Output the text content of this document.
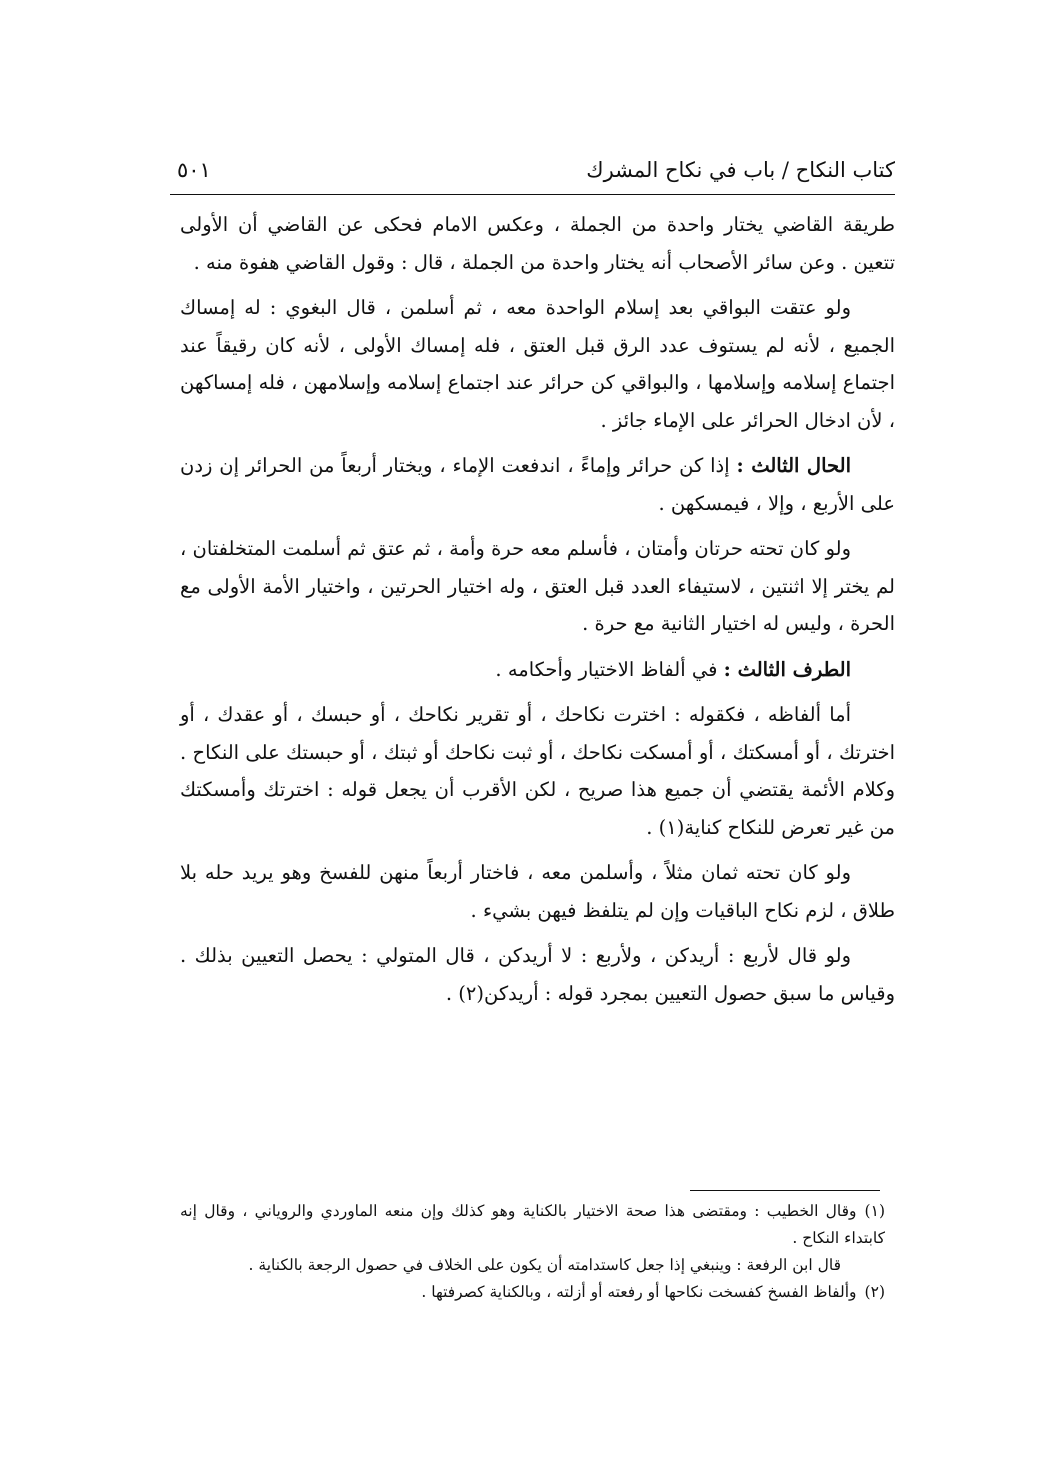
كتاب النكاح / باب في نكاح المشرك
٥٠١

طريقة القاضي يختار واحدة من الجملة ، وعكس الامام فحكى عن القاضي أن الأولى تتعين . وعن سائر الأصحاب أنه يختار واحدة من الجملة ، قال : وقول القاضي هفوة منه .

ولو عتقت البواقي بعد إسلام الواحدة معه ، ثم أسلمن ، قال البغوي : له إمساك الجميع ، لأنه لم يستوف عدد الرق قبل العتق ، فله إمساك الأولى ، لأنه كان رقيقاً عند اجتماع إسلامه وإسلامها ، والبواقي كن حرائر عند اجتماع إسلامه وإسلامهن ، فله إمساكهن ، لأن ادخال الحرائر على الإماء جائز .

الحال الثالث : إذا كن حرائر وإماءً ، اندفعت الإماء ، ويختار أربعاً من الحرائر إن زدن على الأربع ، وإلا ، فيمسكهن .

ولو كان تحته حرتان وأمتان ، فأسلم معه حرة وأمة ، ثم عتق ثم أسلمت المتخلفتان ، لم يختر إلا اثنتين ، لاستيفاء العدد قبل العتق ، وله اختيار الحرتين ، واختيار الأمة الأولى مع الحرة ، وليس له اختيار الثانية مع حرة .

الطرف الثالث : في ألفاظ الاختيار وأحكامه .

أما ألفاظه ، فكقوله : اخترت نكاحك ، أو تقرير نكاحك ، أو حبسك ، أو عقدك ، أو اخترتك ، أو أمسكتك ، أو أمسكت نكاحك ، أو ثبت نكاحك أو ثبتك ، أو حبستك على النكاح . وكلام الأئمة يقتضي أن جميع هذا صريح ، لكن الأقرب أن يجعل قوله : اخترتك وأمسكتك من غير تعرض للنكاح كناية(١) .

ولو كان تحته ثمان مثلاً ، وأسلمن معه ، فاختار أربعاً منهن للفسخ وهو يريد حله بلا طلاق ، لزم نكاح الباقيات وإن لم يتلفظ فيهن بشيء .

ولو قال لأربع : أريدكن ، ولأربع : لا أريدكن ، قال المتولي : يحصل التعيين بذلك . وقياس ما سبق حصول التعيين بمجرد قوله : أريدكن(٢) .

(١)وقال الخطيب : ومقتضى هذا صحة الاختيار بالكناية وهو كذلك وإن منعه الماوردي والروياني ، وقال إنه كابتداء النكاح .

قال ابن الرفعة : وينبغي إذا جعل كاستدامته أن يكون على الخلاف في حصول الرجعة بالكناية .

(٢)وألفاظ الفسخ كفسخت نكاحها أو رفعته أو أزلته ، وبالكناية كصرفتها .
